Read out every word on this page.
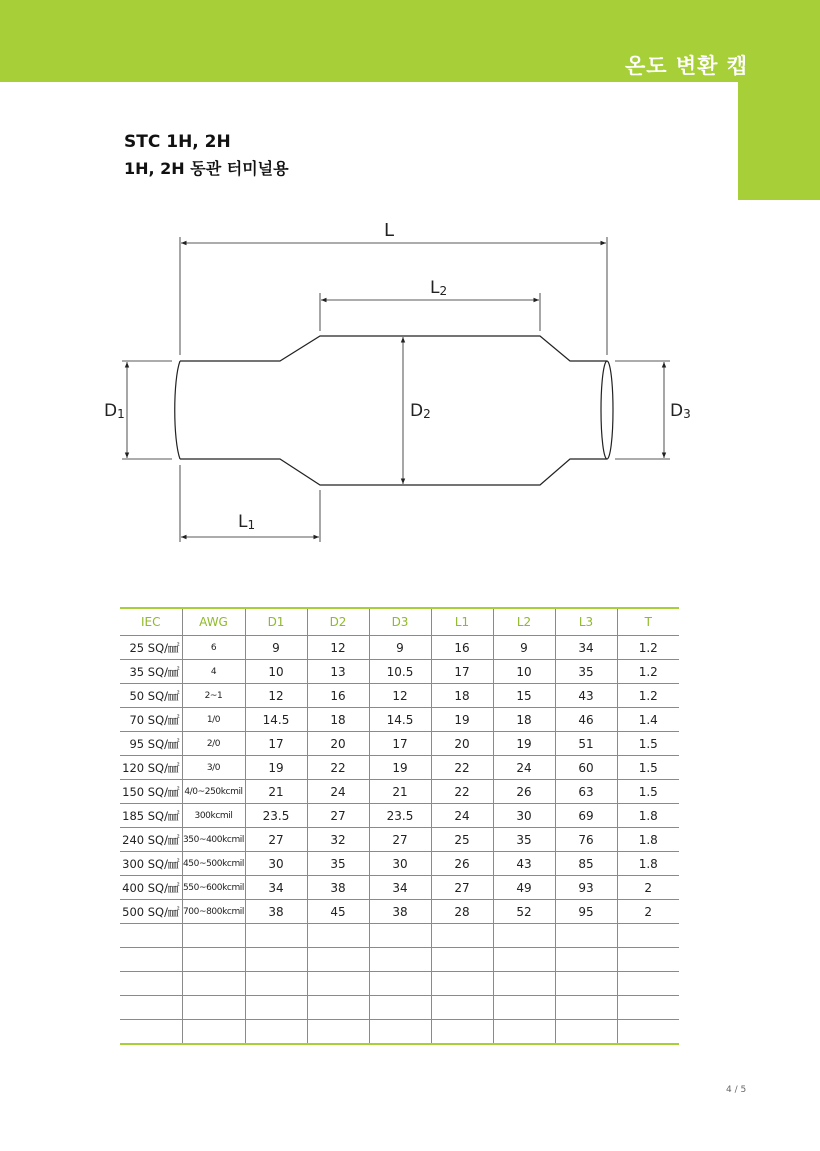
온도 변환 캡
STC 1H, 2H
1H, 2H 동관 터미널용
L
L2
D1	D2	D3
L1
IEC	AWG	D1	D2	D3	L1	L2	L3	T
25 SQ/㎟	6	9	12	9	16	9	34	1.2
35 SQ/㎟	4	10	13	10.5	17	10	35	1.2
50 SQ/㎟	2~1	12	16	12	18	15	43	1.2
70 SQ/㎟	1/0	14.5	18	14.5	19	18	46	1.4
95 SQ/㎟	2/0	17	20	17	20	19	51	1.5
120 SQ/㎟	3/0	19	22	19	22	24	60	1.5
150 SQ/㎟	4/0~250kcmil	21	24	21	22	26	63	1.5
185 SQ/㎟	300kcmil	23.5	27	23.5	24	30	69	1.8
240 SQ/㎟	350~400kcmil	27	32	27	25	35	76	1.8
300 SQ/㎟	450~500kcmil	30	35	30	26	43	85	1.8
400 SQ/㎟	550~600kcmil	34	38	34	27	49	93	2
500 SQ/㎟	700~800kcmil	38	45	38	28	52	95	2

4 / 5
